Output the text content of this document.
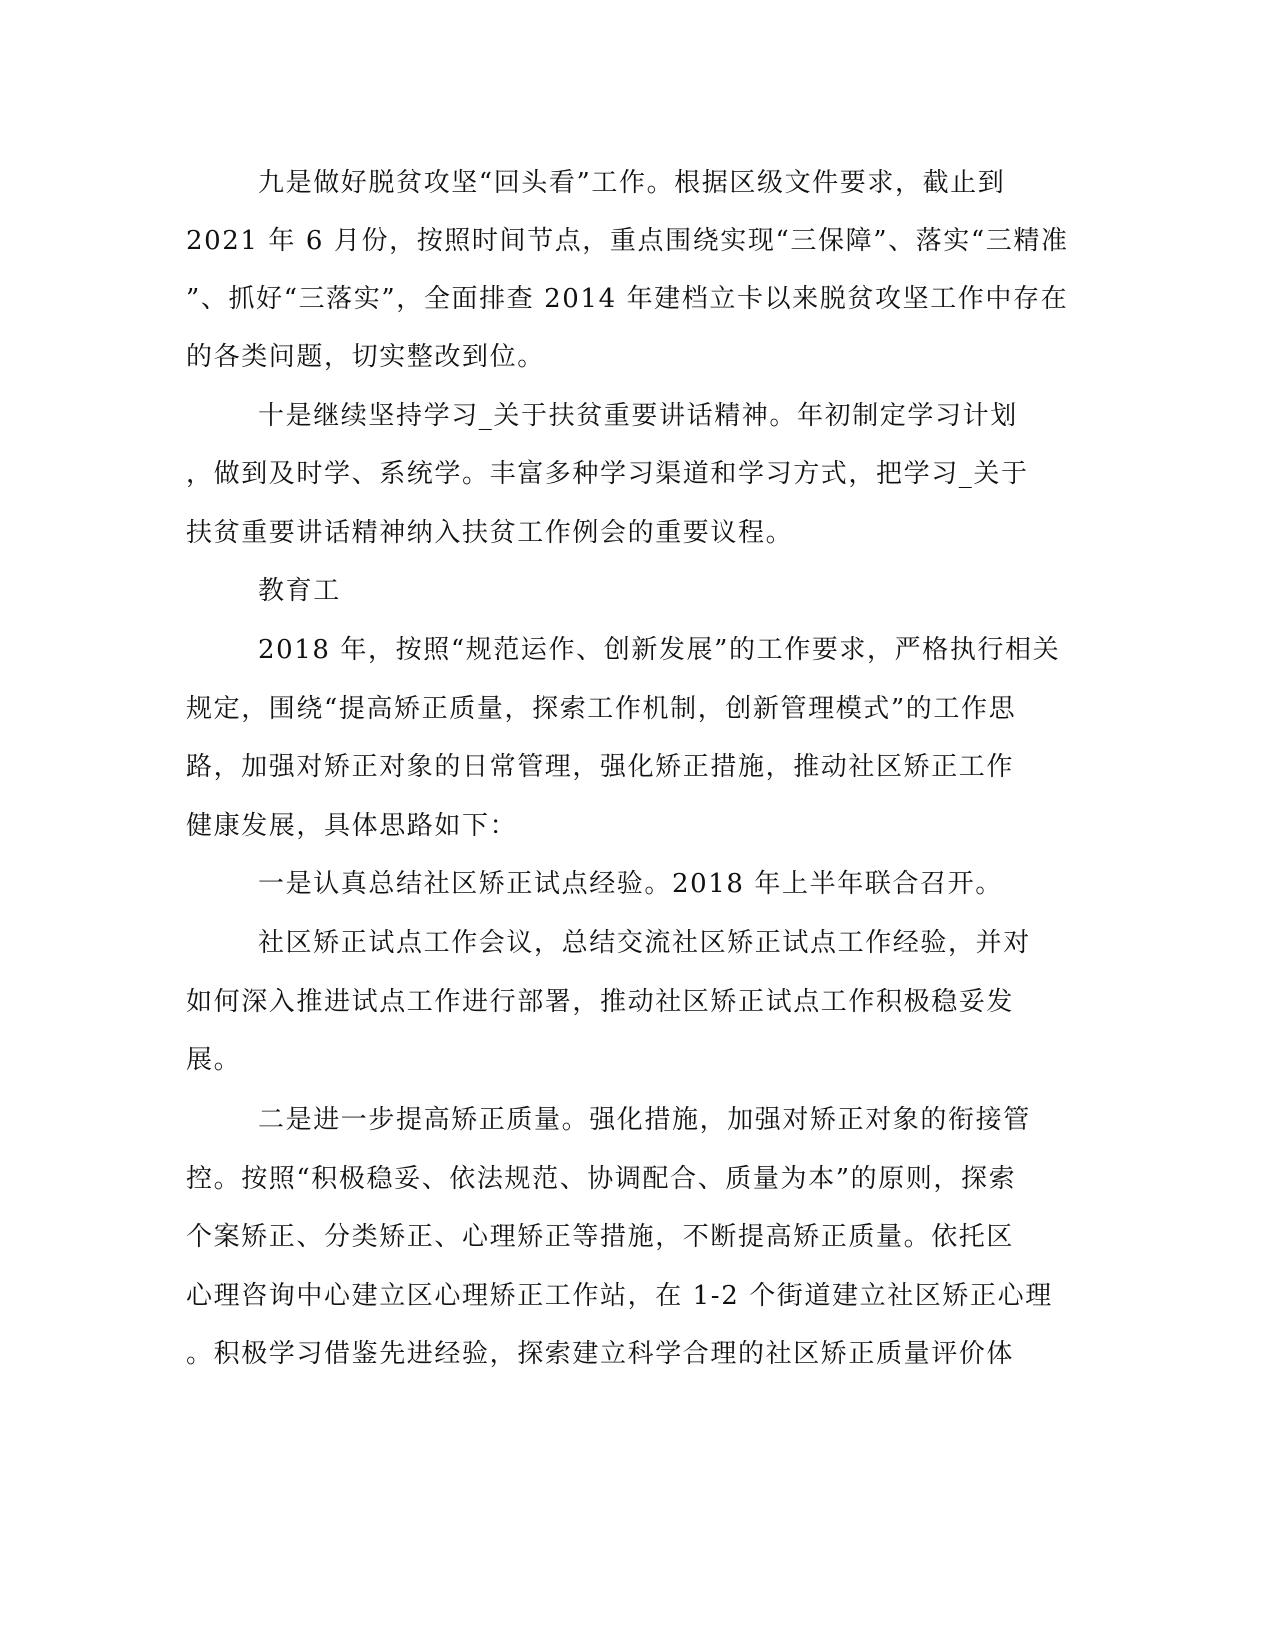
九是做好脱贫攻坚“回头看”工作。根据区级文件要求，截止到
2021 年 6 月份，按照时间节点，重点围绕实现“三保障”、落实“三精准
”、抓好“三落实”，全面排查 2014 年建档立卡以来脱贫攻坚工作中存在
的各类问题，切实整改到位。
十是继续坚持学习_关于扶贫重要讲话精神。年初制定学习计划
，做到及时学、系统学。丰富多种学习渠道和学习方式，把学习_关于
扶贫重要讲话精神纳入扶贫工作例会的重要议程。
教育工
2018 年，按照“规范运作、创新发展”的工作要求，严格执行相关
规定，围绕“提高矫正质量，探索工作机制，创新管理模式”的工作思
路，加强对矫正对象的日常管理，强化矫正措施，推动社区矫正工作
健康发展，具体思路如下：
一是认真总结社区矫正试点经验。2018 年上半年联合召开。
社区矫正试点工作会议，总结交流社区矫正试点工作经验，并对
如何深入推进试点工作进行部署，推动社区矫正试点工作积极稳妥发
展。
二是进一步提高矫正质量。强化措施，加强对矫正对象的衔接管
控。按照“积极稳妥、依法规范、协调配合、质量为本”的原则，探索
个案矫正、分类矫正、心理矫正等措施，不断提高矫正质量。依托区
心理咨询中心建立区心理矫正工作站，在 1-2 个街道建立社区矫正心理
。积极学习借鉴先进经验，探索建立科学合理的社区矫正质量评价体
